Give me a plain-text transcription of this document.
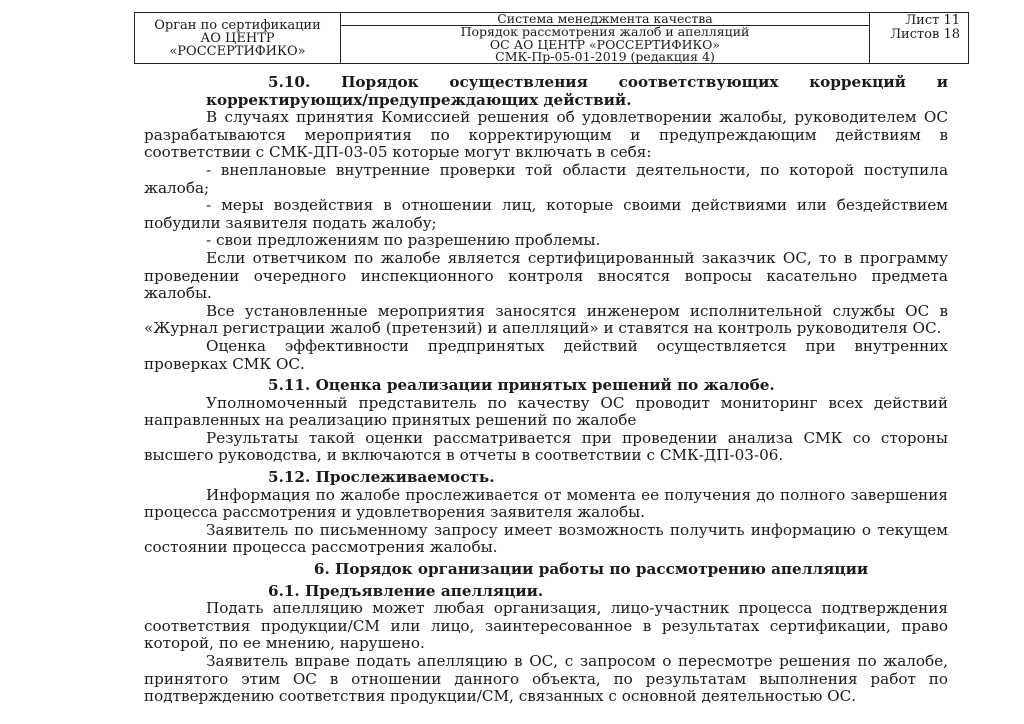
Орган по сертификации
АО ЦЕНТР
«РОССЕРТИФИКО»
Система менеджмента качества
Порядок рассмотрения жалоб и апелляций
ОС АО ЦЕНТР «РОССЕРТИФИКО»
СМК-Пр-05-01-2019 (редакция 4)
Лист 11
Листов 18

5.10. Порядок осуществления соответствующих коррекций и корректирующих/предупреждающих действий.

В случаях принятия Комиссией решения об удовлетворении жалобы, руководителем ОС разрабатываются мероприятия по корректирующим и предупреждающим действиям в соответствии с СМК-ДП-03-05 которые могут включать в себя:

- внеплановые внутренние проверки той области деятельности, по которой поступила жалоба;

- меры воздействия в отношении лиц, которые своими действиями или бездействием побудили заявителя подать жалобу;

- свои предложениям по разрешению проблемы.

Если ответчиком по жалобе является сертифицированный заказчик ОС, то в программу проведении очередного инспекционного контроля вносятся вопросы касательно предмета жалобы.

Все установленные мероприятия заносятся инженером исполнительной службы ОС в «Журнал регистрации жалоб (претензий) и апелляций» и ставятся на контроль руководителя ОС.

Оценка эффективности предпринятых действий осуществляется при внутренних проверках СМК ОС.

5.11. Оценка реализации принятых решений по жалобе.

Уполномоченный представитель по качеству ОС проводит мониторинг всех действий направленных на реализацию принятых решений по жалобе

Результаты такой оценки рассматривается при проведении анализа СМК со стороны высшего руководства, и включаются в отчеты в соответствии с СМК-ДП-03-06.

5.12. Прослеживаемость.

Информация по жалобе прослеживается от момента ее получения до полного завершения процесса рассмотрения и удовлетворения заявителя жалобы.

Заявитель по письменному запросу имеет возможность получить информацию о текущем состоянии процесса рассмотрения жалобы.

6. Порядок организации работы по рассмотрению апелляции

6.1. Предъявление апелляции.

Подать апелляцию может любая организация, лицо-участник процесса подтверждения соответствия продукции/СМ или лицо, заинтересованное в результатах сертификации, право которой, по ее мнению, нарушено.

Заявитель вправе подать апелляцию в ОС, с запросом о пересмотре решения по жалобе, принятого этим ОС в отношении данного объекта, по результатам выполнения работ по подтверждению соответствия продукции/СМ, связанных с основной деятельностью ОС.
